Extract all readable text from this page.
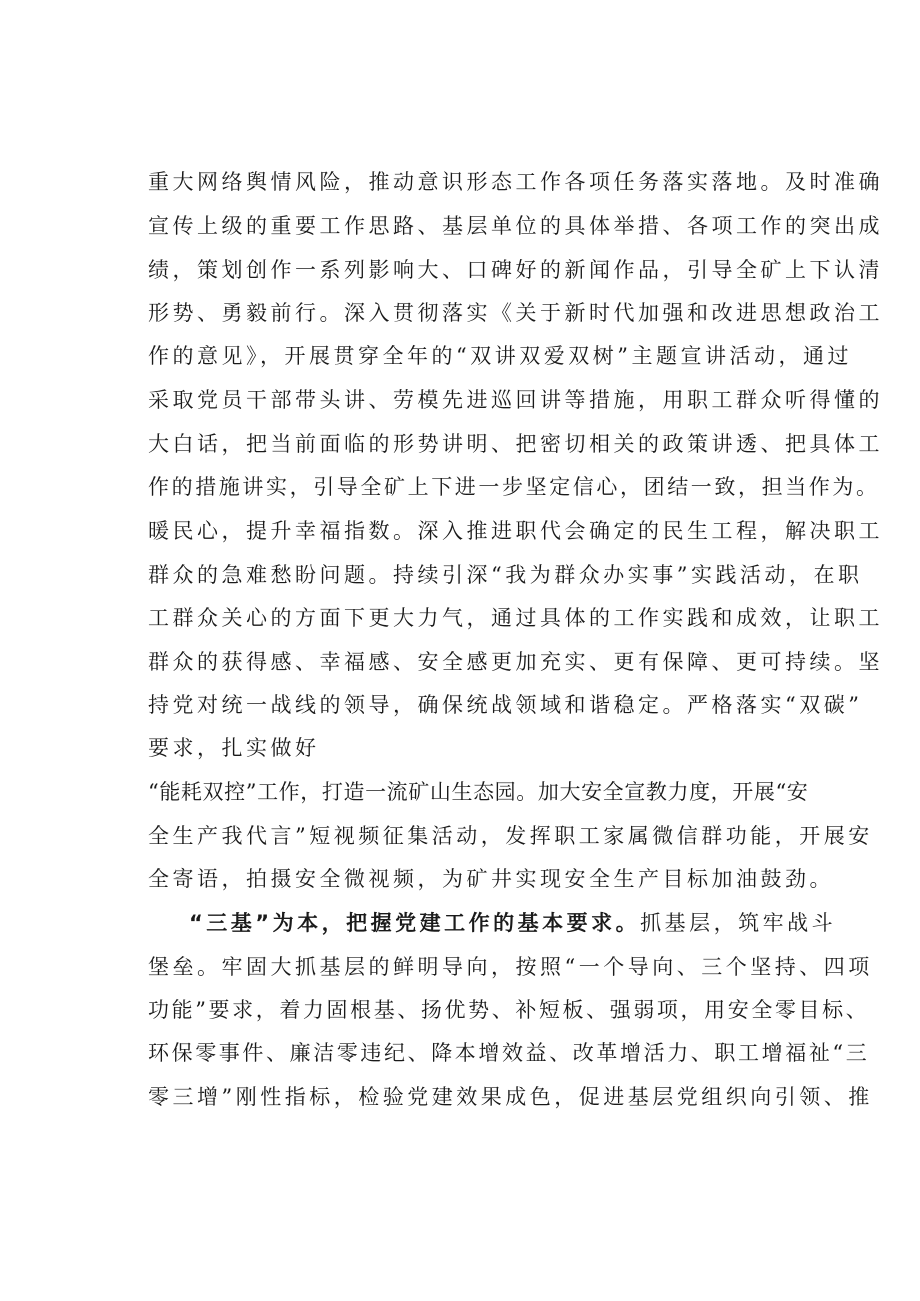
重大网络舆情风险，推动意识形态工作各项任务落实落地。及时准确
宣传上级的重要工作思路、基层单位的具体举措、各项工作的突出成
绩，策划创作一系列影响大、口碑好的新闻作品，引导全矿上下认清
形势、勇毅前行。深入贯彻落实《关于新时代加强和改进思想政治工
作的意见》，开展贯穿全年的“双讲双爱双树”主题宣讲活动，通过
采取党员干部带头讲、劳模先进巡回讲等措施，用职工群众听得懂的
大白话，把当前面临的形势讲明、把密切相关的政策讲透、把具体工
作的措施讲实，引导全矿上下进一步坚定信心，团结一致，担当作为。
暖民心，提升幸福指数。深入推进职代会确定的民生工程，解决职工
群众的急难愁盼问题。持续引深“我为群众办实事”实践活动，在职
工群众关心的方面下更大力气，通过具体的工作实践和成效，让职工
群众的获得感、幸福感、安全感更加充实、更有保障、更可持续。坚
持党对统一战线的领导，确保统战领域和谐稳定。严格落实“双碳”
要求，扎实做好
“能耗双控”工作，打造一流矿山生态园。加大安全宣教力度，开展“安
全生产我代言”短视频征集活动，发挥职工家属微信群功能，开展安
全寄语，拍摄安全微视频，为矿井实现安全生产目标加油鼓劲。
“三基”为本，把握党建工作的基本要求。抓基层，筑牢战斗
堡垒。牢固大抓基层的鲜明导向，按照“一个导向、三个坚持、四项
功能”要求，着力固根基、扬优势、补短板、强弱项，用安全零目标、
环保零事件、廉洁零违纪、降本增效益、改革增活力、职工增福祉“三
零三增”刚性指标，检验党建效果成色，促进基层党组织向引领、推
